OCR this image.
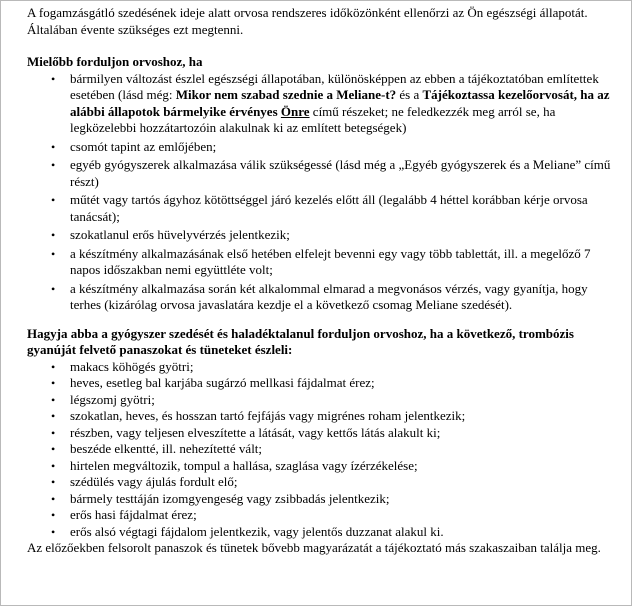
A fogamzásgátló szedésének ideje alatt orvosa rendszeres időközönként ellenőrzi az Ön egészségi állapotát. Általában évente szükséges ezt megtenni.

Mielőbb forduljon orvoshoz, ha

• bármilyen változást észlel egészségi állapotában, különösképpen az ebben a tájékoztatóban említettek esetében (lásd még: Mikor nem szabad szednie a Meliane-t? és a Tájékoztassa kezelőorvosát, ha az alábbi állapotok bármelyike érvényes Önre című részeket; ne feledkezzék meg arról se, ha legközelebbi hozzátartozóin alakulnak ki az említett betegségek)
• csomót tapint az emlőjében;
• egyéb gyógyszerek alkalmazása válik szükségessé (lásd még a „Egyéb gyógyszerek és a Meliane” című részt)
• műtét vagy tartós ágyhoz kötöttséggel járó kezelés előtt áll (legalább 4 héttel korábban kérje orvosa tanácsát);
• szokatlanul erős hüvelyvérzés jelentkezik;
• a készítmény alkalmazásának első hetében elfelejt bevenni egy vagy több tablettát, ill. a megelőző 7 napos időszakban nemi együttléte volt;
• a készítmény alkalmazása során két alkalommal elmarad a megvonásos vérzés, vagy gyanítja, hogy terhes (kizárólag orvosa javaslatára kezdje el a következő csomag Meliane szedését).

Hagyja abba a gyógyszer szedését és haladéktalanul forduljon orvoshoz, ha a következő, trombózis gyanúját felvető panaszokat és tüneteket észleli:

• makacs köhögés gyötri;
• heves, esetleg bal karjába sugárzó mellkasi fájdalmat érez;
• légszomj gyötri;
• szokatlan, heves, és hosszan tartó fejfájás vagy migrénes roham jelentkezik;
• részben, vagy teljesen elveszítette a látását, vagy kettős látás alakult ki;
• beszéde elkentté, ill. nehezítetté vált;
• hirtelen megváltozik, tompul a hallása, szaglása vagy ízérzékelése;
• szédülés vagy ájulás fordult elő;
• bármely testtáján izomgyengeség vagy zsibbadás jelentkezik;
• erős hasi fájdalmat érez;
• erős alsó végtagi fájdalom jelentkezik, vagy jelentős duzzanat alakul ki.

Az előzőekben felsorolt panaszok és tünetek bővebb magyarázatát a tájékoztató más szakaszaiban találja meg.
